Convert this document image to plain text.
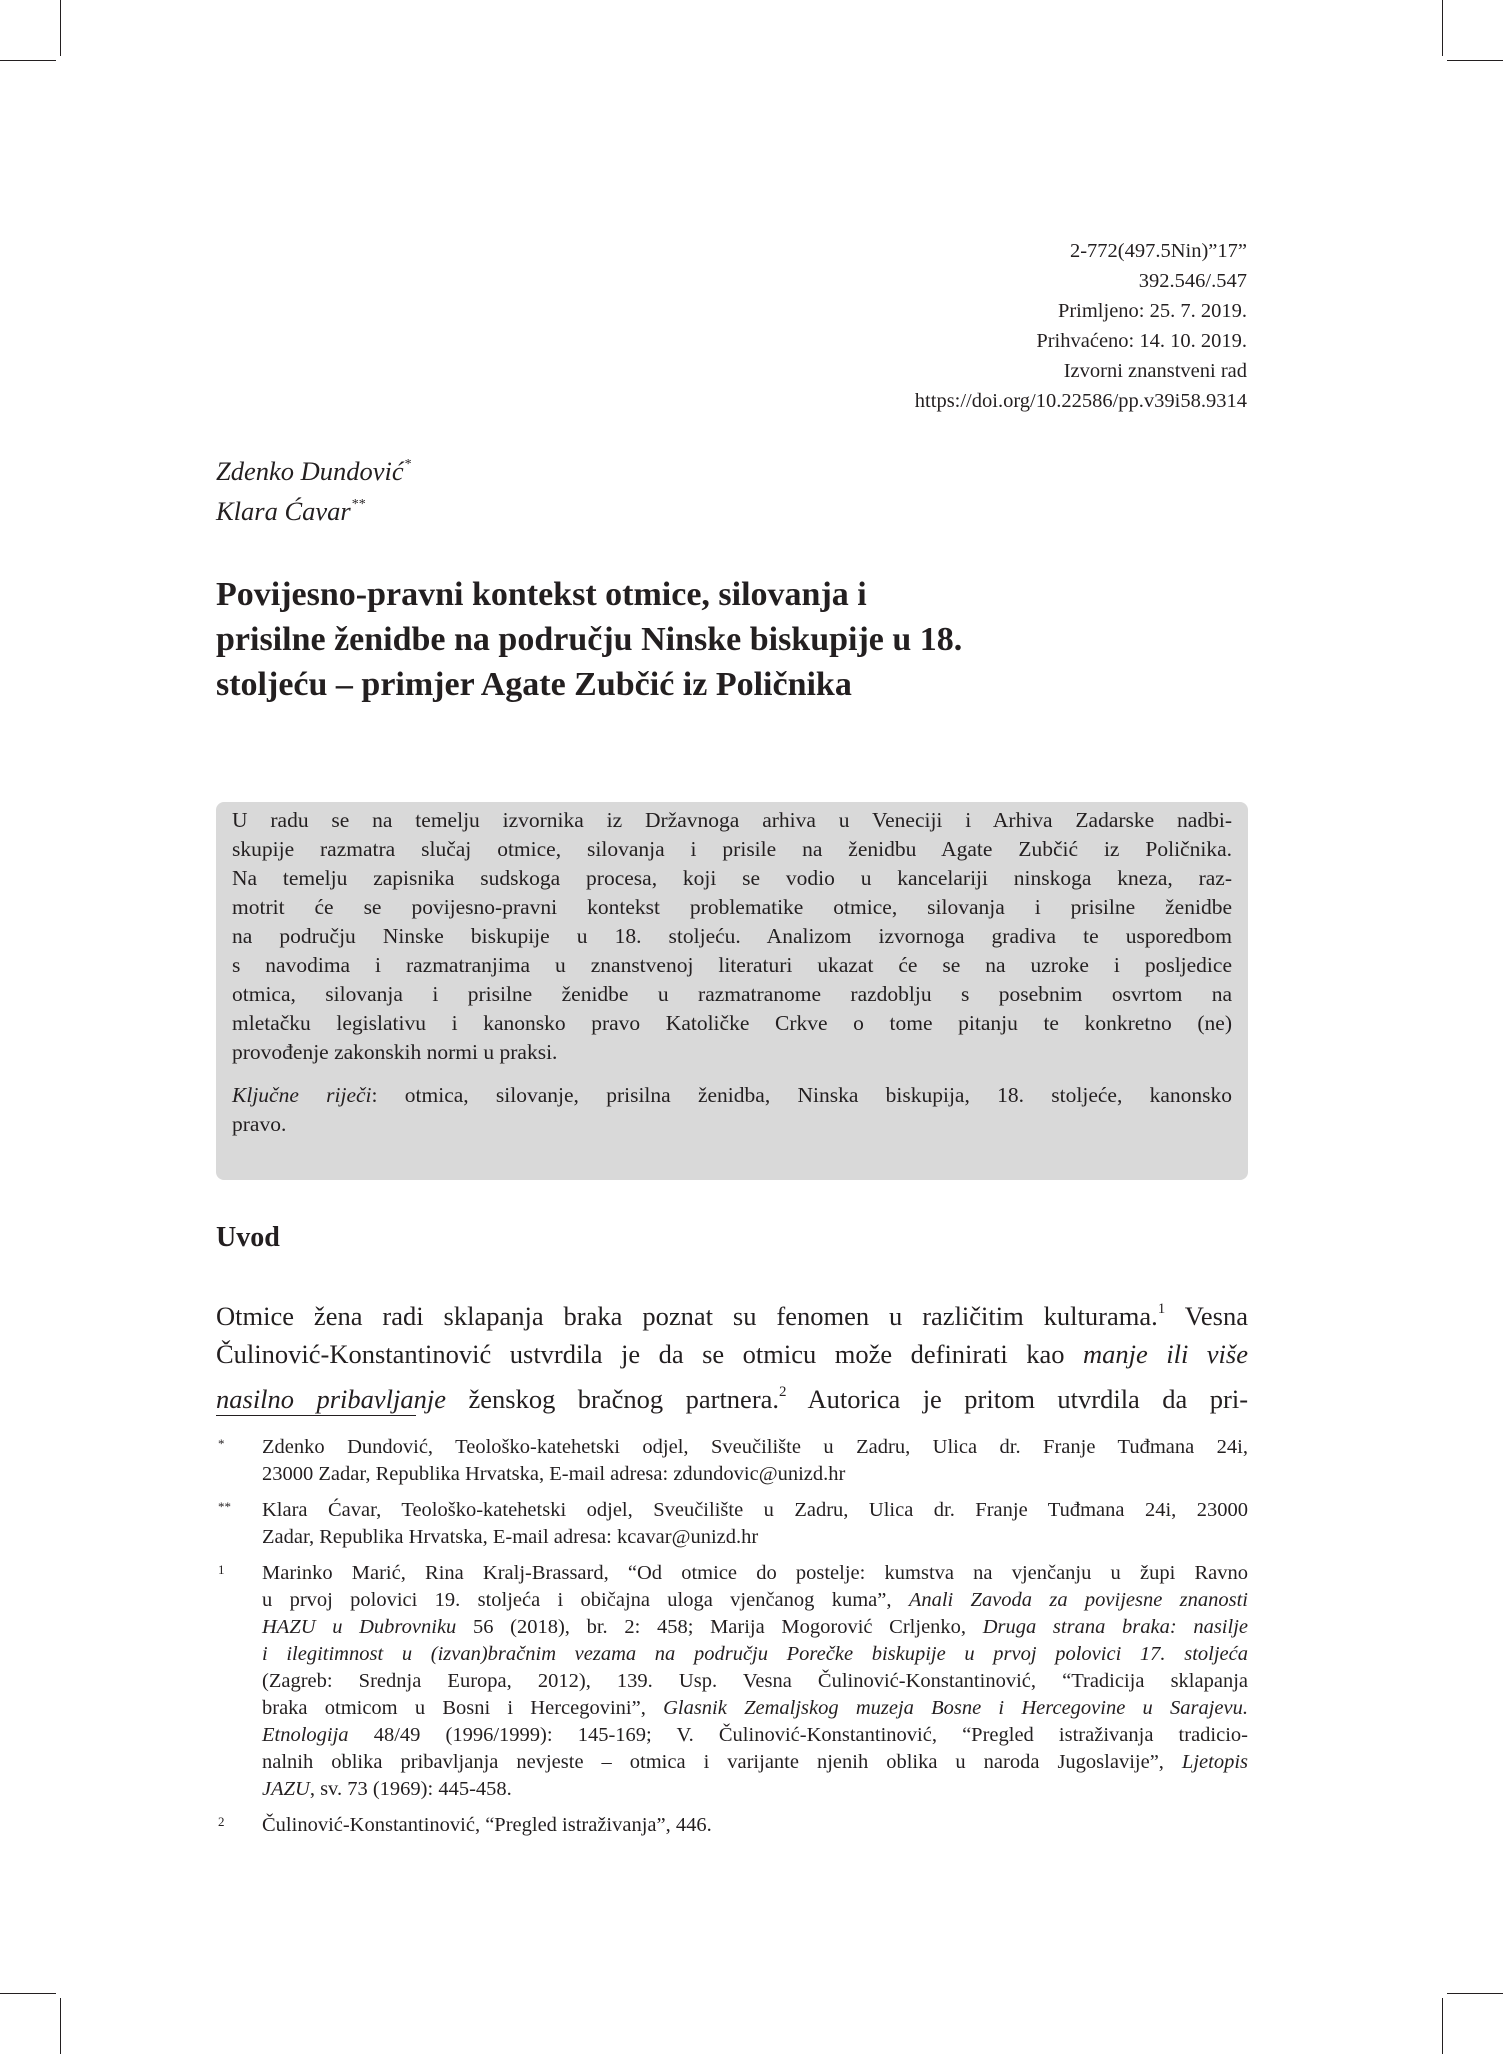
2-772(497.5Nin)”17”
392.546/.547
Primljeno: 25. 7. 2019.
Prihvaćeno: 14. 10. 2019.
Izvorni znanstveni rad
https://doi.org/10.22586/pp.v39i58.9314
Zdenko Dundović*
Klara Ćavar**
Povijesno-pravni kontekst otmice, silovanja i
prisilne ženidbe na području Ninske biskupije u 18.
stoljeću – primjer Agate Zubčić iz Poličnika
U radu se na temelju izvornika iz Državnoga arhiva u Veneciji i Arhiva Zadarske nadbi-
skupije razmatra slučaj otmice, silovanja i prisile na ženidbu Agate Zubčić iz Poličnika.
Na temelju zapisnika sudskoga procesa, koji se vodio u kancelariji ninskoga kneza, raz-
motrit će se povijesno-pravni kontekst problematike otmice, silovanja i prisilne ženidbe
na području Ninske biskupije u 18. stoljeću. Analizom izvornoga gradiva te usporedbom
s navodima i razmatranjima u znanstvenoj literaturi ukazat će se na uzroke i posljedice
otmica, silovanja i prisilne ženidbe u razmatranome razdoblju s posebnim osvrtom na
mletačku legislativu i kanonsko pravo Katoličke Crkve o tome pitanju te konkretno (ne)
provođenje zakonskih normi u praksi.
Ključne riječi: otmica, silovanje, prisilna ženidba, Ninska biskupija, 18. stoljeće, kanonsko
pravo.
Uvod
Otmice žena radi sklapanja braka poznat su fenomen u različitim kulturama.$^1$ Vesna
Čulinović-Konstantinović ustvrdila je da se otmicu može definirati kao manje ili više
nasilno pribavljanje ženskog bračnog partnera.$^2$ Autorica je pritom utvrdila da pri-
* Zdenko Dundović, Teološko-katehetski odjel, Sveučilište u Zadru, Ulica dr. Franje Tuđmana 24i,
23000 Zadar, Republika Hrvatska, E-mail adresa: zdundovic@unizd.hr
** Klara Ćavar, Teološko-katehetski odjel, Sveučilište u Zadru, Ulica dr. Franje Tuđmana 24i, 23000
Zadar, Republika Hrvatska, E-mail adresa: kcavar@unizd.hr
1 Marinko Marić, Rina Kralj-Brassard, “Od otmice do postelje: kumstva na vjenčanju u župi Ravno
u prvoj polovici 19. stoljeća i običajna uloga vjenčanog kuma”, Anali Zavoda za povijesne znanosti
HAZU u Dubrovniku 56 (2018), br. 2: 458; Marija Mogorović Crljenko, Druga strana braka: nasilje
i ilegitimnost u (izvan)bračnim vezama na području Porečke biskupije u prvoj polovici 17. stoljeća
(Zagreb: Srednja Europa, 2012), 139. Usp. Vesna Čulinović-Konstantinović, “Tradicija sklapanja
braka otmicom u Bosni i Hercegovini”, Glasnik Zemaljskog muzeja Bosne i Hercegovine u Sarajevu.
Etnologija 48/49 (1996/1999): 145-169; V. Čulinović-Konstantinović, “Pregled istraživanja tradicio-
nalnih oblika pribavljanja nevjeste – otmica i varijante njenih oblika u naroda Jugoslavije”, Ljetopis
JAZU, sv. 73 (1969): 445-458.
2 Čulinović-Konstantinović, “Pregled istraživanja”, 446.
